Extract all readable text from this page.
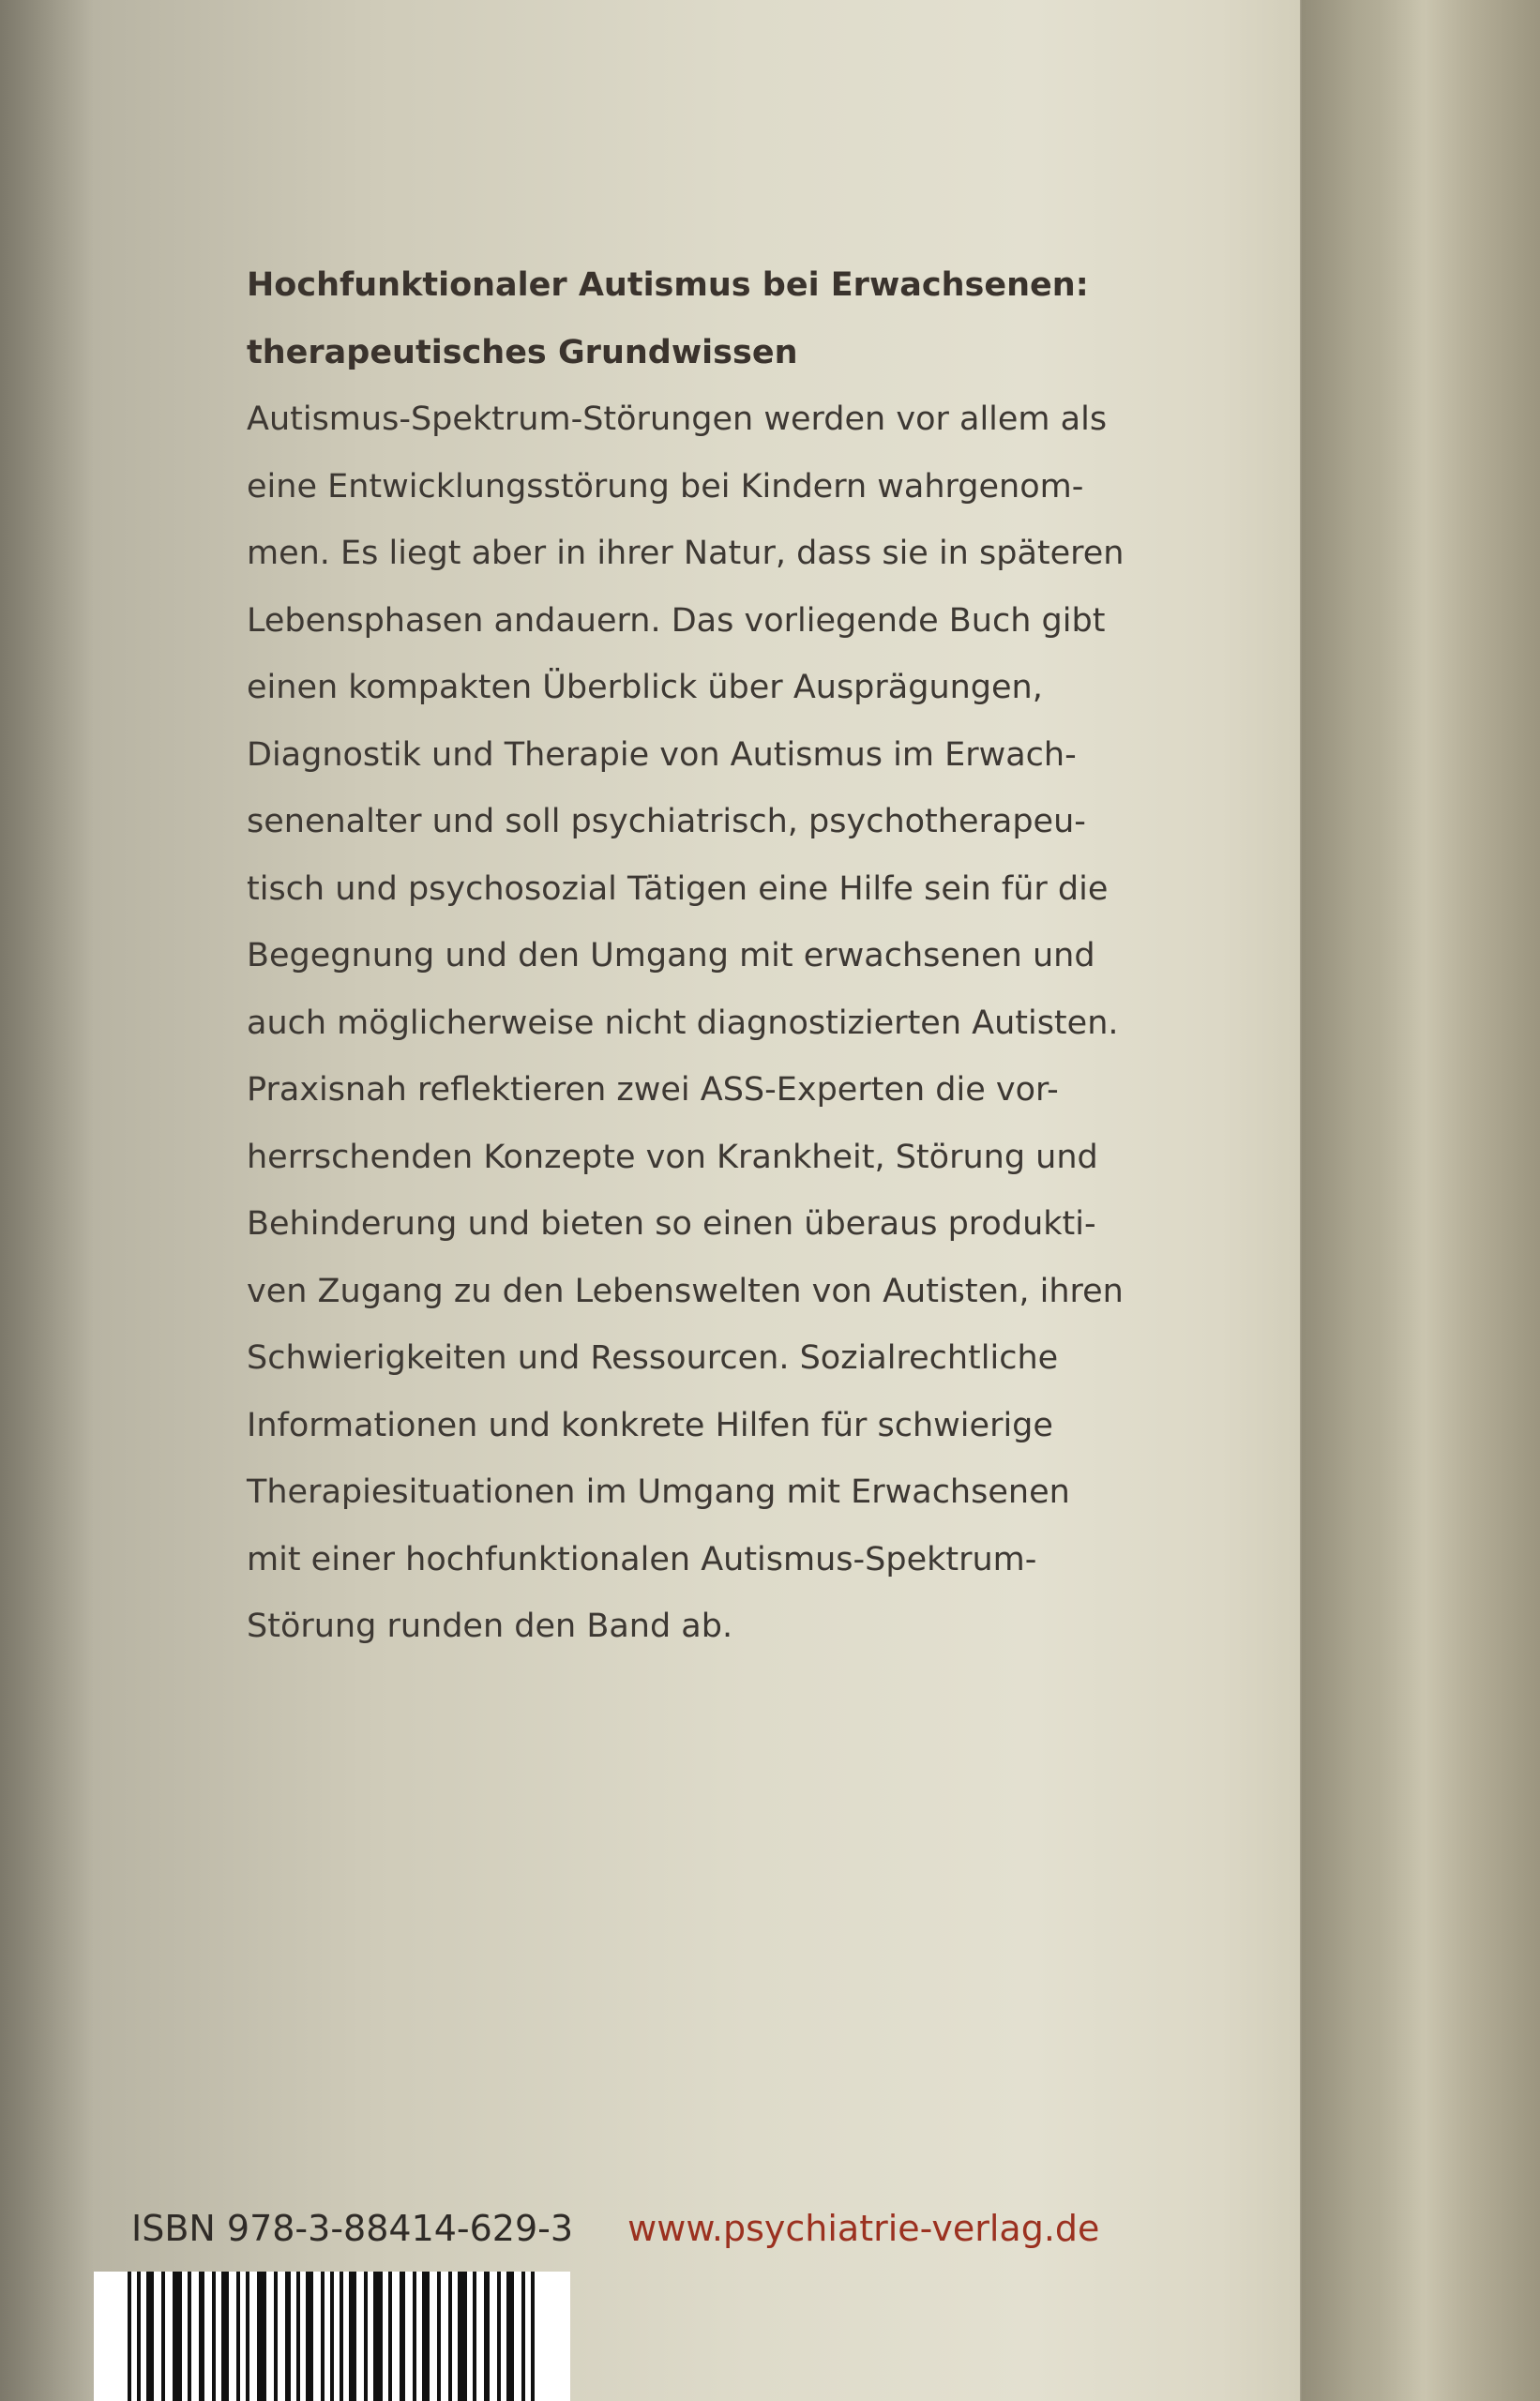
Hochfunktionaler Autismus bei Erwachsenen:

therapeutisches Grundwissen

Autismus-Spektrum-Störungen werden vor allem als

eine Entwicklungsstörung bei Kindern wahrgenom-

men. Es liegt aber in ihrer Natur, dass sie in späteren

Lebensphasen andauern. Das vorliegende Buch gibt

einen kompakten Überblick über Ausprägungen,

Diagnostik und Therapie von Autismus im Erwach-

senenalter und soll psychiatrisch, psychotherapeu-

tisch und psychosozial Tätigen eine Hilfe sein für die

Begegnung und den Umgang mit erwachsenen und

auch möglicherweise nicht diagnostizierten Autisten.

Praxisnah reflektieren zwei ASS-Experten die vor-

herrschenden Konzepte von Krankheit, Störung und

Behinderung und bieten so einen überaus produkti-

ven Zugang zu den Lebenswelten von Autisten, ihren

Schwierigkeiten und Ressourcen. Sozialrechtliche

Informationen und konkrete Hilfen für schwierige

Therapiesituationen im Umgang mit Erwachsenen

mit einer hochfunktionalen Autismus-Spektrum-

Störung runden den Band ab.

ISBN 978-3-88414-629-3 www.psychiatrie-verlag.de
